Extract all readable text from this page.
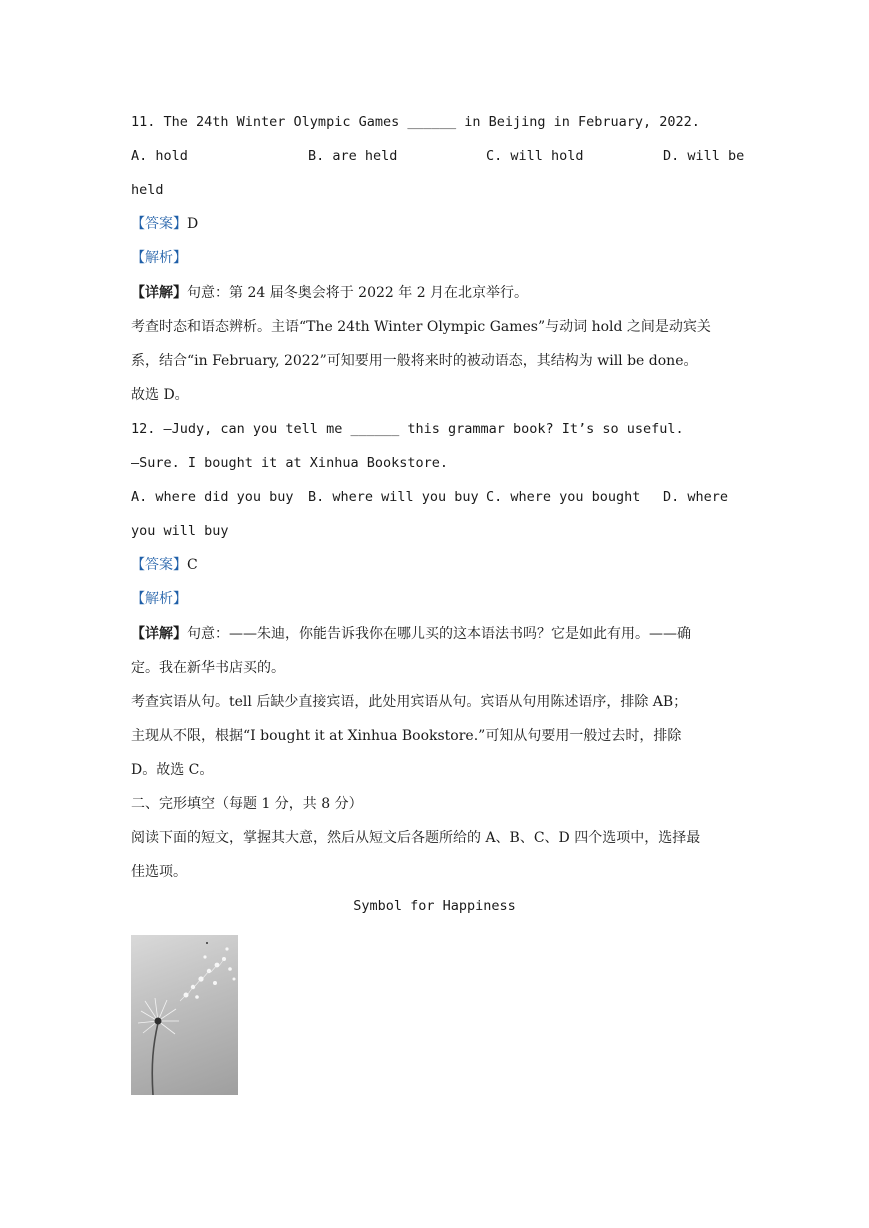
11. The 24th Winter Olympic Games ______ in Beijing in February, 2022.
A. hold	B. are held	C. will hold	D. will be
held
【答案】D
【解析】
【详解】句意：第 24 届冬奥会将于 2022 年 2 月在北京举行。
考查时态和语态辨析。主语“The 24th Winter Olympic Games”与动词 hold 之间是动宾关
系，结合“in February, 2022”可知要用一般将来时的被动语态，其结构为 will be done。
故选 D。
12. —Judy, can you tell me ______ this grammar book? It’s so useful.
—Sure. I bought it at Xinhua Bookstore.
A. where did you buy B. where will you buy C. where you bought D. where
you will buy
【答案】C
【解析】
【详解】句意：——朱迪，你能告诉我你在哪儿买的这本语法书吗？它是如此有用。——确
定。我在新华书店买的。
考查宾语从句。tell 后缺少直接宾语，此处用宾语从句。宾语从句用陈述语序，排除 AB；
主现从不限，根据“I bought it at Xinhua Bookstore.”可知从句要用一般过去时，排除
D。故选 C。
二、完形填空（每题 1 分，共 8 分）
阅读下面的短文，掌握其大意，然后从短文后各题所给的 A、B、C、D 四个选项中，选择最
佳选项。
Symbol for Happiness
